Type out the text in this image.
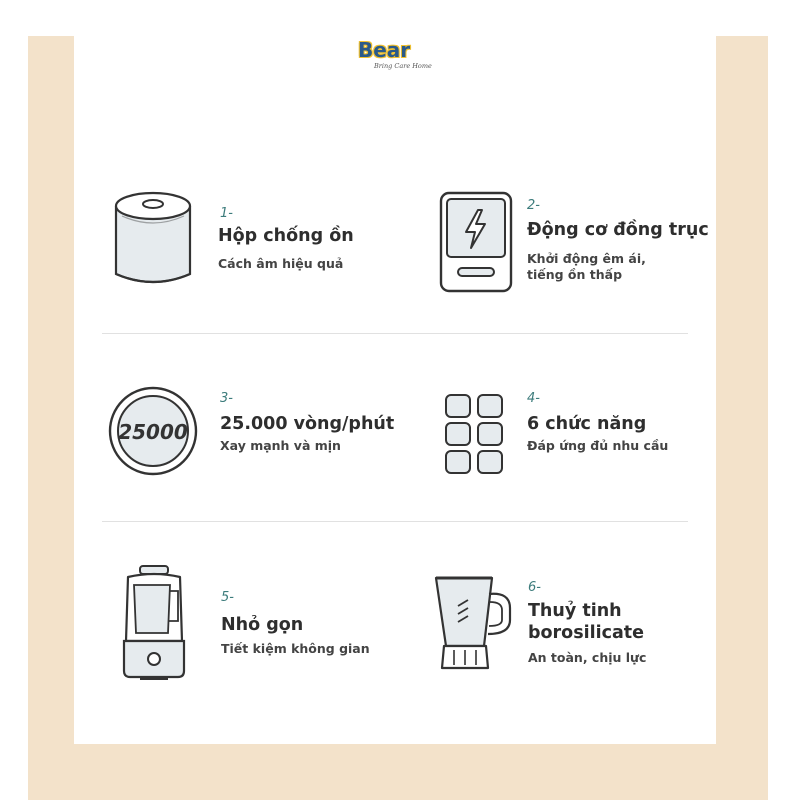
Bear
Bring Care Home
1-
Hộp chống ồn
Cách âm hiệu quả
2-
Động cơ đồng trục
Khởi động êm ái,
tiếng ồn thấp
25000
3-
25.000 vòng/phút
Xay mạnh và mịn
4-
6 chức năng
Đáp ứng đủ nhu cầu
5-
Nhỏ gọn
Tiết kiệm không gian
6-
Thuỷ tinh
borosilicate
An toàn, chịu lực
